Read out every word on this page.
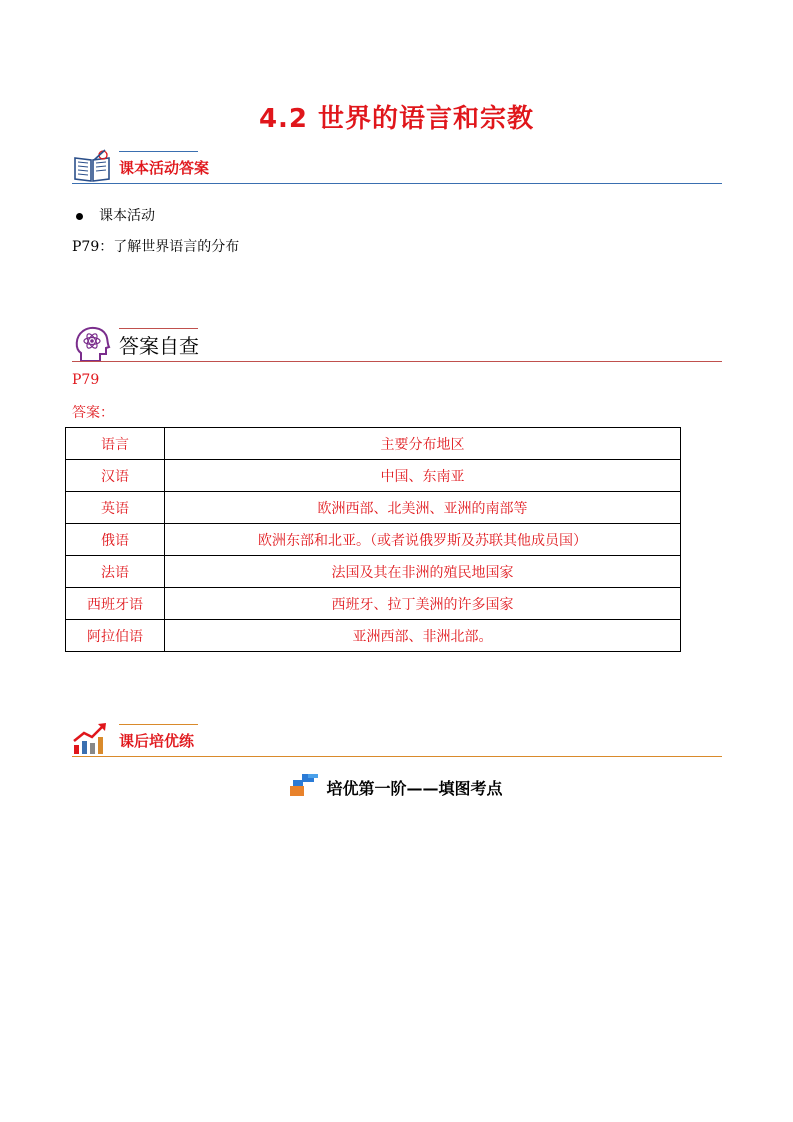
4.2 世界的语言和宗教
课本活动答案
课本活动
P79：了解世界语言的分布
答案自查
P79
答案：
语言	主要分布地区
汉语	中国、东南亚
英语	欧洲西部、北美洲、亚洲的南部等
俄语	欧洲东部和北亚。（或者说俄罗斯及苏联其他成员国）
法语	法国及其在非洲的殖民地国家
西班牙语	西班牙、拉丁美洲的许多国家
阿拉伯语	亚洲西部、非洲北部。
课后培优练
培优第一阶——填图考点
